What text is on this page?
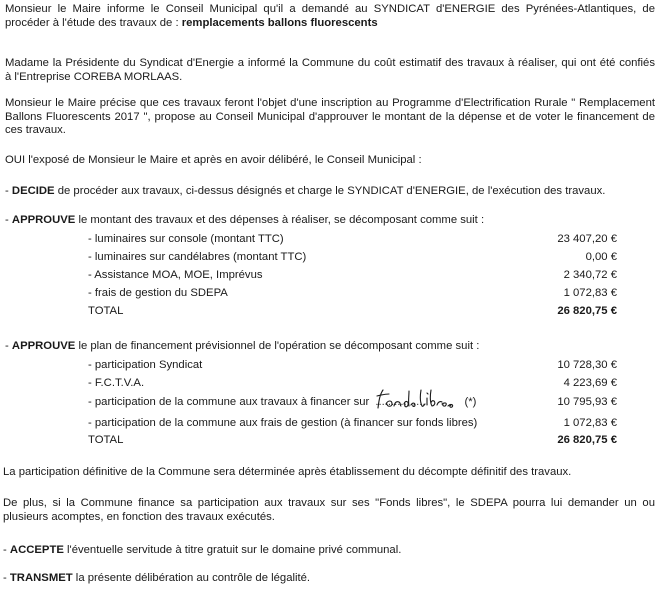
Monsieur le Maire informe le Conseil Municipal qu'il a demandé au SYNDICAT d'ENERGIE des Pyrénées-Atlantiques, de
procéder à l'étude des travaux de : remplacements ballons fluorescents
Madame la Présidente du Syndicat d'Energie a informé la Commune du coût estimatif des travaux à réaliser, qui ont été confiés
à l'Entreprise COREBA MORLAAS.
Monsieur le Maire précise que ces travaux feront l'objet d'une inscription au Programme d'Electrification Rurale " Remplacement
Ballons Fluorescents 2017 ", propose au Conseil Municipal d'approuver le montant de la dépense et de voter le financement de
ces travaux.
OUI l'exposé de Monsieur le Maire et après en avoir délibéré, le Conseil Municipal :
- DECIDE de procéder aux travaux, ci-dessus désignés et charge le SYNDICAT d'ENERGIE, de l'exécution des travaux.
- APPROUVE le montant des travaux et des dépenses à réaliser, se décomposant comme suit :
- luminaires sur console (montant TTC)	23 407,20 €
- luminaires sur candélabres (montant TTC)	0,00 €
- Assistance MOA, MOE, Imprévus	2 340,72 €
- frais de gestion du SDEPA	1 072,83 €
TOTAL	26 820,75 €
- APPROUVE le plan de financement prévisionnel de l'opération se décomposant comme suit :
- participation Syndicat	10 728,30 €
- F.C.T.V.A.	4 223,69 €
- participation de la commune aux travaux à financer sur .................	(*)	10 795,93 €
- participation de la commune aux frais de gestion (à financer sur fonds libres)	1 072,83 €
TOTAL	26 820,75 €
La participation définitive de la Commune sera déterminée après établissement du décompte définitif des travaux.
De plus, si la Commune finance sa participation aux travaux sur ses "Fonds libres", le SDEPA pourra lui demander un ou
plusieurs acomptes, en fonction des travaux exécutés.
- ACCEPTE l'éventuelle servitude à titre gratuit sur le domaine privé communal.
- TRANSMET la présente délibération au contrôle de légalité.
